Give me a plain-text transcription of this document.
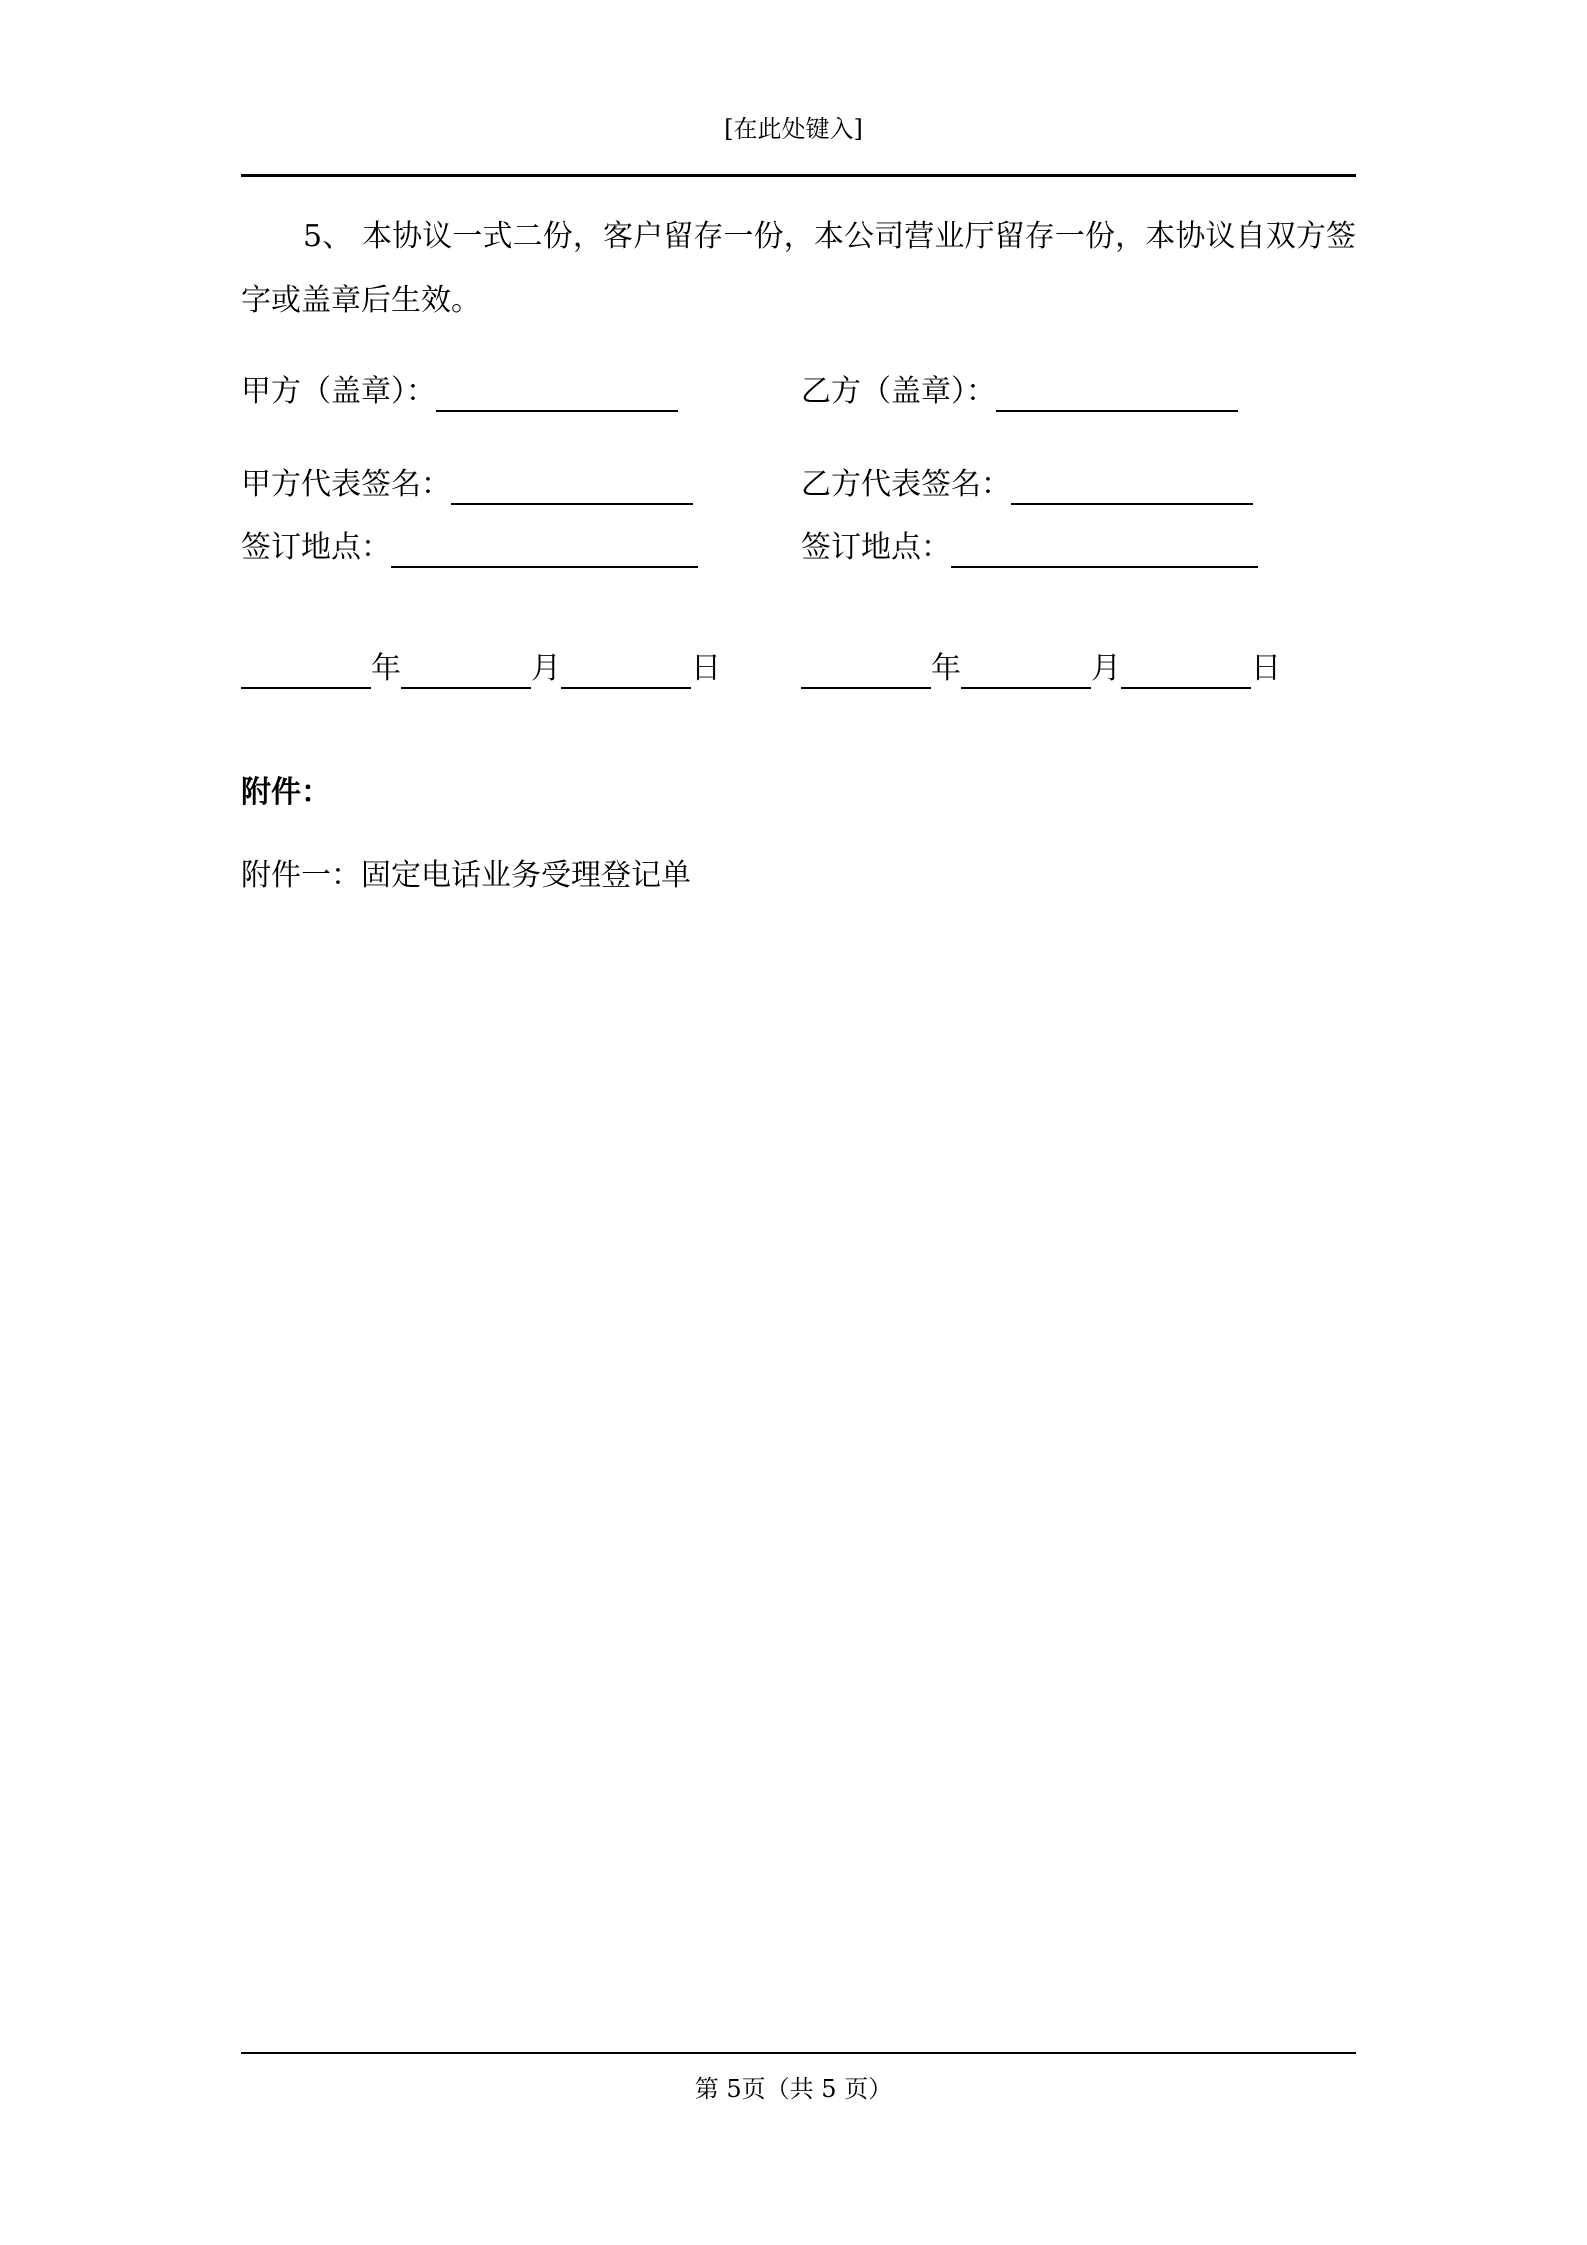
[在此处键入]
5、 本协议一式二份，客户留存一份，本公司营业厅留存一份，本协议自双方签字或盖章后生效。
甲方（盖章）：	乙方（盖章）：
甲方代表签名：	乙方代表签名：
签订地点：	签订地点：
年	月	日	年	月	日
附件：
附件一：固定电话业务受理登记单
第 5页（共 5 页）
